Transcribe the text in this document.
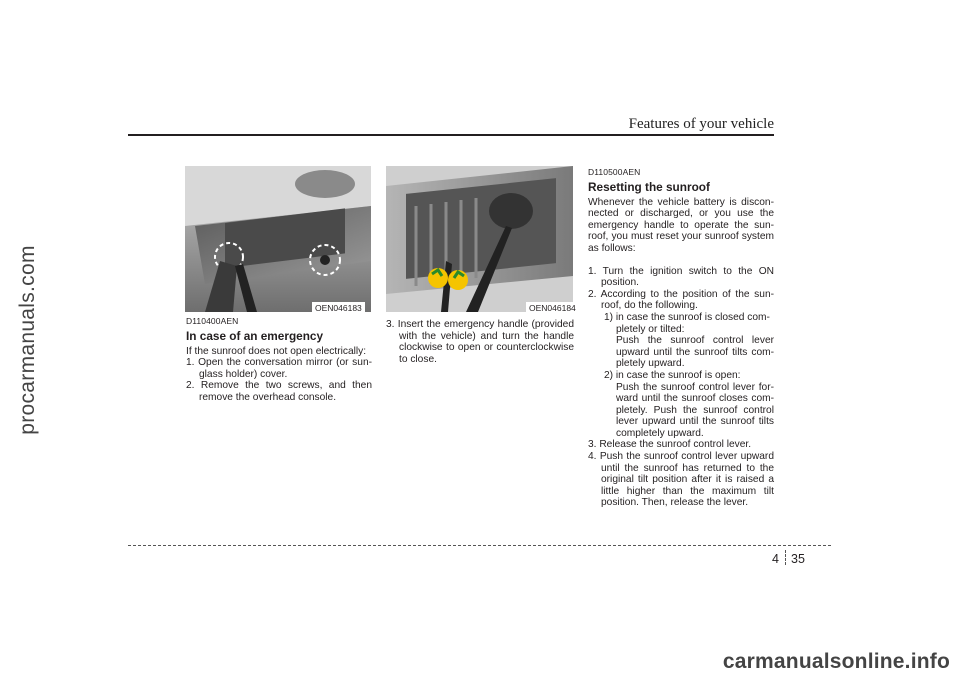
procarmanuals.com
Features of your vehicle
OEN046183	OEN046184

D110400AEN

In case of an emergency

If the sunroof does not open electrically:

1. Open the conversation mirror (or sun-glass holder) cover.

2. Remove the two screws, and then remove the overhead console.

3. Insert the emergency handle (provided with the vehicle) and turn the handle clockwise to open or counterclockwise to close.

D110500AEN

Resetting the sunroof

Whenever the vehicle battery is discon-nected or discharged, or you use the emergency handle to operate the sun-roof, you must reset your sunroof system as follows:

1. Turn the ignition switch to the ON position.

2. According to the position of the sun-roof, do the following.

1) in case the sunroof is closed com-pletely or tilted:

Push the sunroof control lever upward until the sunroof tilts com-pletely upward.

2) in case the sunroof is open:

Push the sunroof control lever for-ward until the sunroof closes com-pletely. Push the sunroof control lever upward until the sunroof tilts completely upward.

3. Release the sunroof control lever.

4. Push the sunroof control lever upward until the sunroof has returned to the original tilt position after it is raised a little higher than the maximum tilt position. Then, release the lever.

4 35
carmanualsonline.info
